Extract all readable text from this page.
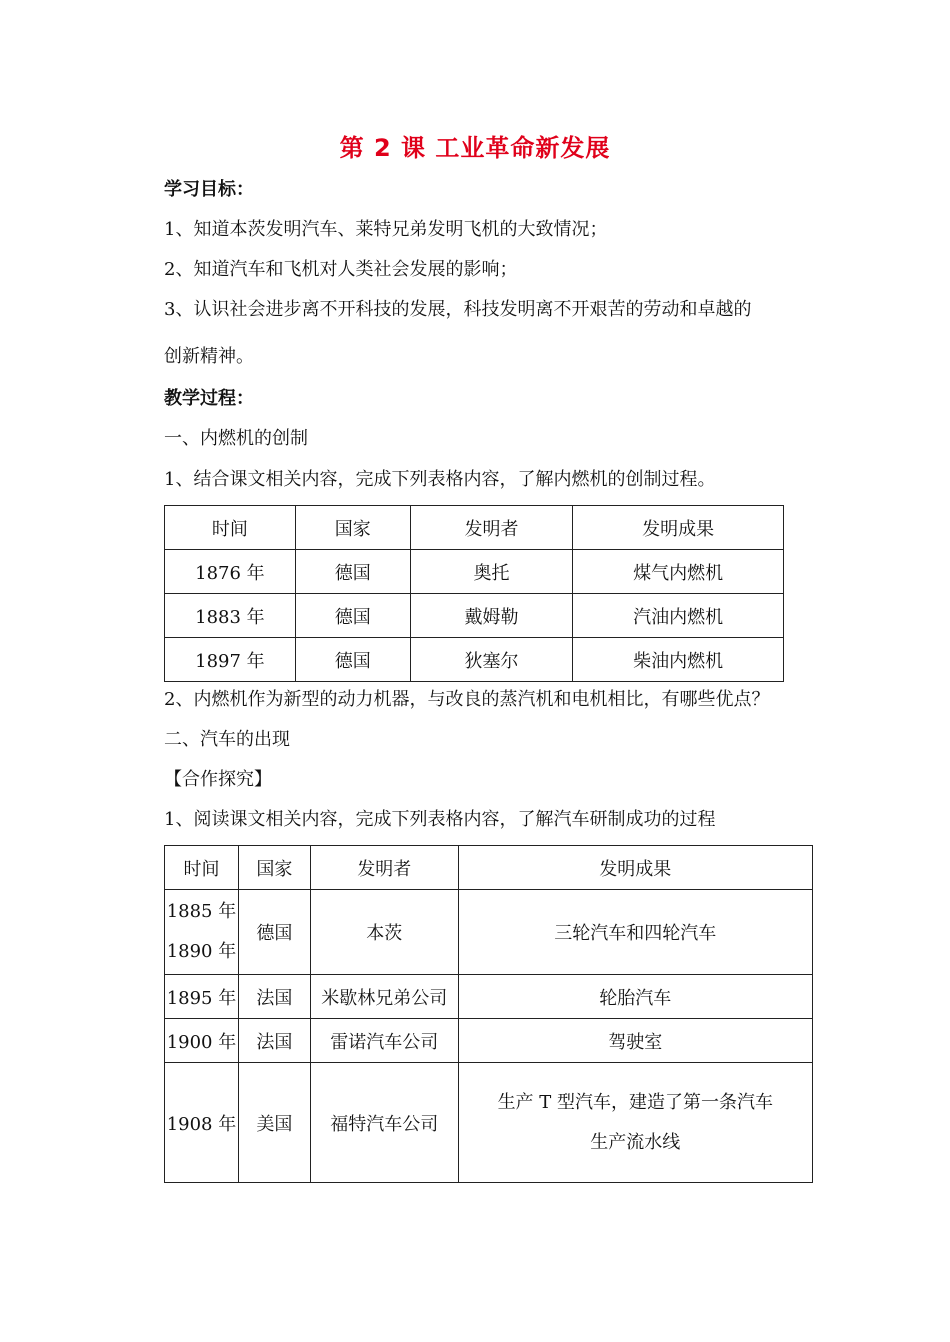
第 2 课 工业革命新发展
学习目标：
1、知道本茨发明汽车、莱特兄弟发明飞机的大致情况；
2、知道汽车和飞机对人类社会发展的影响；
3、认识社会进步离不开科技的发展，科技发明离不开艰苦的劳动和卓越的
创新精神。
教学过程：
一、内燃机的创制
1、结合课文相关内容，完成下列表格内容，了解内燃机的创制过程。
时间	国家	发明者	发明成果
1876 年	德国	奥托	煤气内燃机
1883 年	德国	戴姆勒	汽油内燃机
1897 年	德国	狄塞尔	柴油内燃机
2、内燃机作为新型的动力机器，与改良的蒸汽机和电机相比，有哪些优点？
二、汽车的出现
【合作探究】
1、阅读课文相关内容，完成下列表格内容，了解汽车研制成功的过程
时间	国家	发明者	发明成果

1885 年
1890 年	德国	本茨	三轮汽车和四轮汽车
1895 年	法国	米歇林兄弟公司	轮胎汽车
1900 年	法国	雷诺汽车公司	驾驶室
1908 年	美国	福特汽车公司	生产 T 型汽车，建造了第一条汽车
生产流水线
